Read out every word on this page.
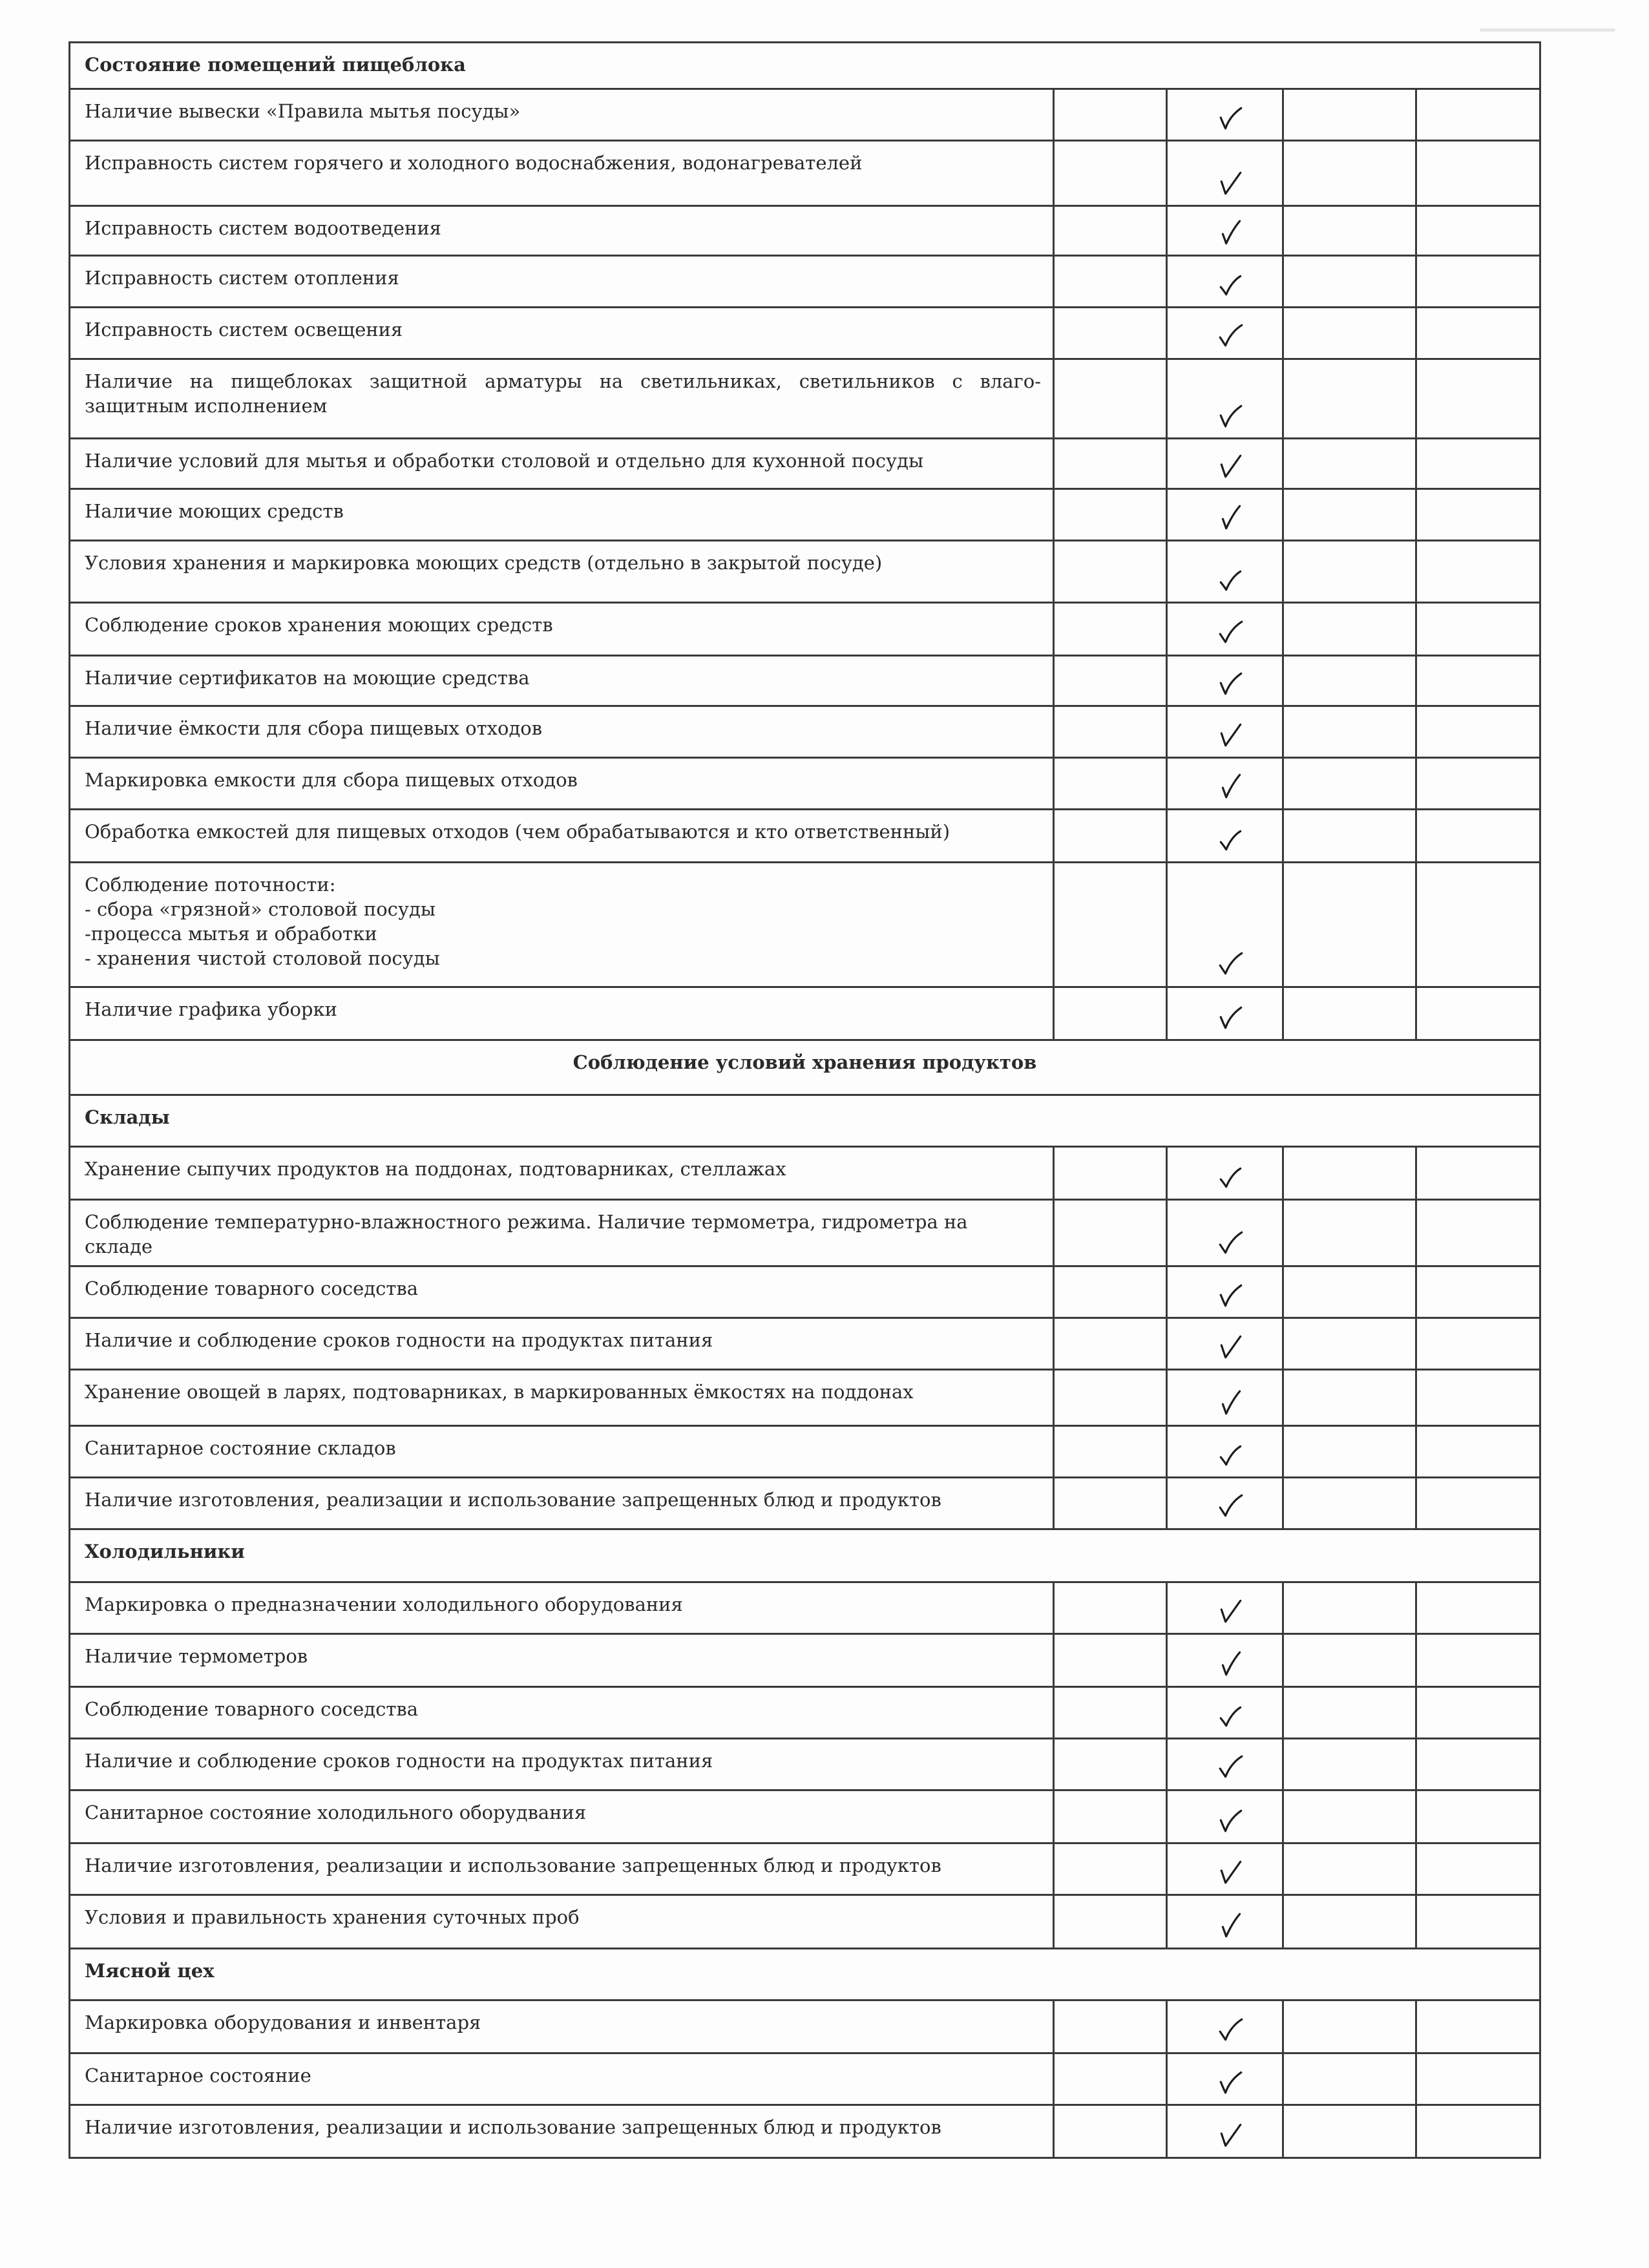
Состояние помещений пищеблока				

Наличие вывески «Правила мытья посуды»

Исправность систем горячего и холодного водоснабжения, водонагревателей

Исправность систем водоотведения

Исправность систем отопления

Исправность систем освещения

Наличие на пищеблоках защитной арматуры на светильниках, светильников с влаго-защитным исполнением

Наличие условий для мытья и обработки столовой и отдельно для кухонной посуды

Наличие моющих средств

Условия хранения и маркировка моющих средств (отдельно в закрытой посуде)

Соблюдение сроков хранения моющих средств

Наличие сертификатов на моющие средства

Наличие ёмкости для сбора пищевых отходов

Маркировка емкости для сбора пищевых отходов

Обработка емкостей для пищевых отходов (чем обрабатываются и кто ответственный)

Соблюдение поточности:
- сбора «грязной» столовой посуды
-процесса мытья и обработки
- хранения чистой столовой посуды

Наличие графика уборки

Соблюдение условий хранения продуктов				
Склады				

Хранение сыпучих продуктов на поддонах, подтоварниках, стеллажах

Соблюдение температурно-влажностного режима. Наличие термометра, гидрометра на складе

Соблюдение товарного соседства

Наличие и соблюдение сроков годности на продуктах питания

Хранение овощей в ларях, подтоварниках, в маркированных ёмкостях на поддонах

Санитарное состояние складов

Наличие изготовления, реализации и использование запрещенных блюд и продуктов

Холодильники				

Маркировка о предназначении холодильного оборудования

Наличие термометров

Соблюдение товарного соседства

Наличие и соблюдение сроков годности на продуктах питания

Санитарное состояние холодильного оборудвания

Наличие изготовления, реализации и использование запрещенных блюд и продуктов

Условия и правильность хранения суточных проб

Мясной цех				

Маркировка оборудования и инвентаря

Санитарное состояние

Наличие изготовления, реализации и использование запрещенных блюд и продуктов
